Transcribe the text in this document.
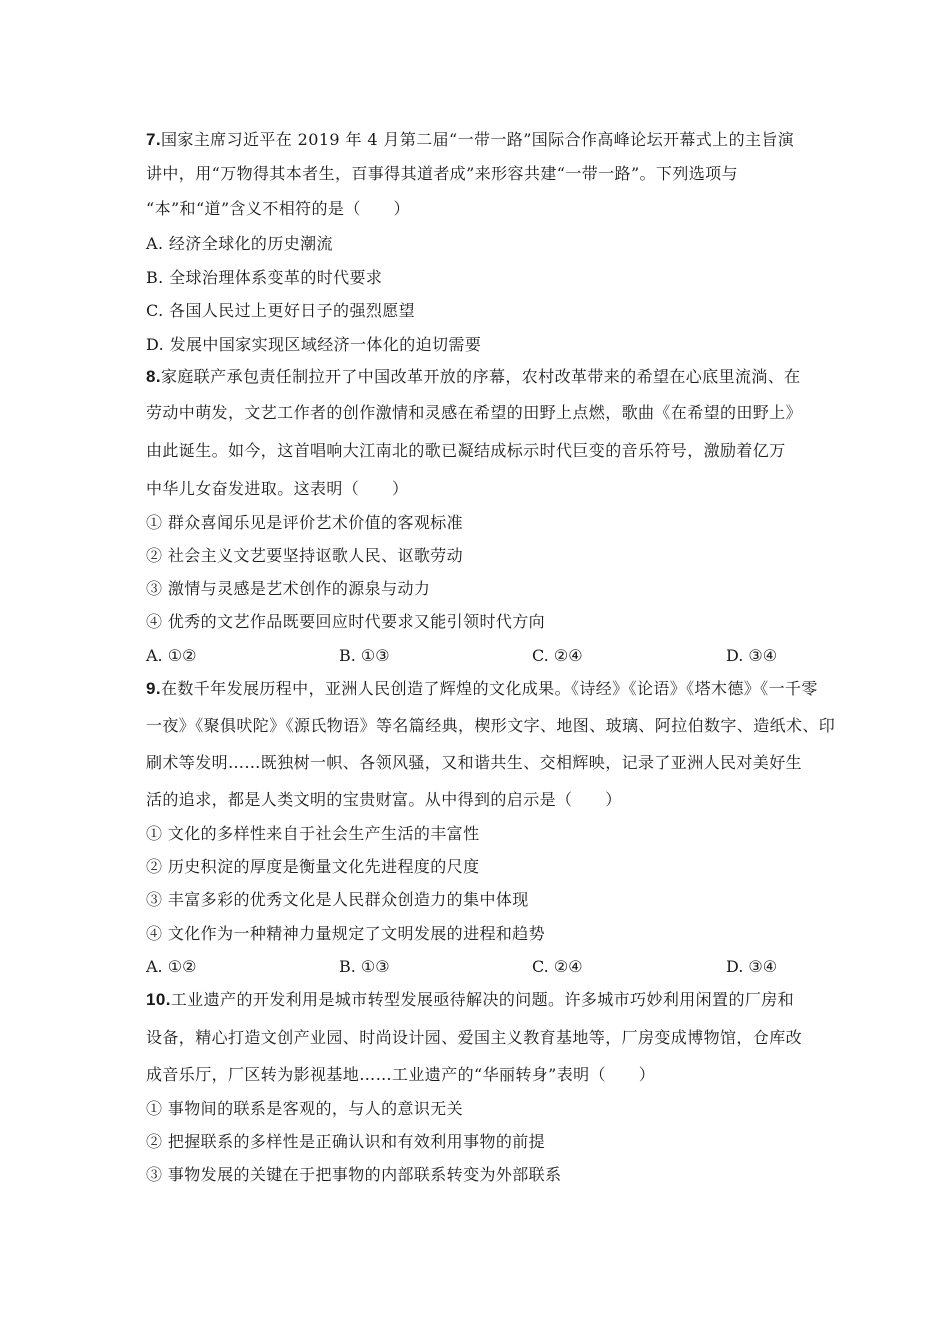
7.国家主席习近平在 2019 年 4 月第二届“一带一路”国际合作高峰论坛开幕式上的主旨演
讲中，用“万物得其本者生，百事得其道者成”来形容共建“一带一路”。下列选项与
“本”和“道”含义不相符的是（　　）
A. 经济全球化的历史潮流
B. 全球治理体系变革的时代要求
C. 各国人民过上更好日子的强烈愿望
D. 发展中国家实现区域经济一体化的迫切需要
8.家庭联产承包责任制拉开了中国改革开放的序幕，农村改革带来的希望在心底里流淌、在
劳动中萌发，文艺工作者的创作激情和灵感在希望的田野上点燃，歌曲《在希望的田野上》
由此诞生。如今，这首唱响大江南北的歌已凝结成标示时代巨变的音乐符号，激励着亿万
中华儿女奋发进取。这表明（　　）
① 群众喜闻乐见是评价艺术价值的客观标准
② 社会主义文艺要坚持讴歌人民、讴歌劳动
③ 激情与灵感是艺术创作的源泉与动力
④ 优秀的文艺作品既要回应时代要求又能引领时代方向
A. ①②	B. ①③	C. ②④	D. ③④
9.在数千年发展历程中，亚洲人民创造了辉煌的文化成果。《诗经》《论语》《塔木德》《一千零
一夜》《聚俱吠陀》《源氏物语》等名篇经典，楔形文字、地图、玻璃、阿拉伯数字、造纸术、印
刷术等发明……既独树一帜、各领风骚，又和谐共生、交相辉映，记录了亚洲人民对美好生
活的追求，都是人类文明的宝贵财富。从中得到的启示是（　　）
① 文化的多样性来自于社会生产生活的丰富性
② 历史积淀的厚度是衡量文化先进程度的尺度
③ 丰富多彩的优秀文化是人民群众创造力的集中体现
④ 文化作为一种精神力量规定了文明发展的进程和趋势
A. ①②	B. ①③	C. ②④	D. ③④
10.工业遗产的开发利用是城市转型发展亟待解决的问题。许多城市巧妙利用闲置的厂房和
设备，精心打造文创产业园、时尚设计园、爱国主义教育基地等，厂房变成博物馆，仓库改
成音乐厅，厂区转为影视基地……工业遗产的“华丽转身”表明（　　）
① 事物间的联系是客观的，与人的意识无关
② 把握联系的多样性是正确认识和有效利用事物的前提
③ 事物发展的关键在于把事物的内部联系转变为外部联系
